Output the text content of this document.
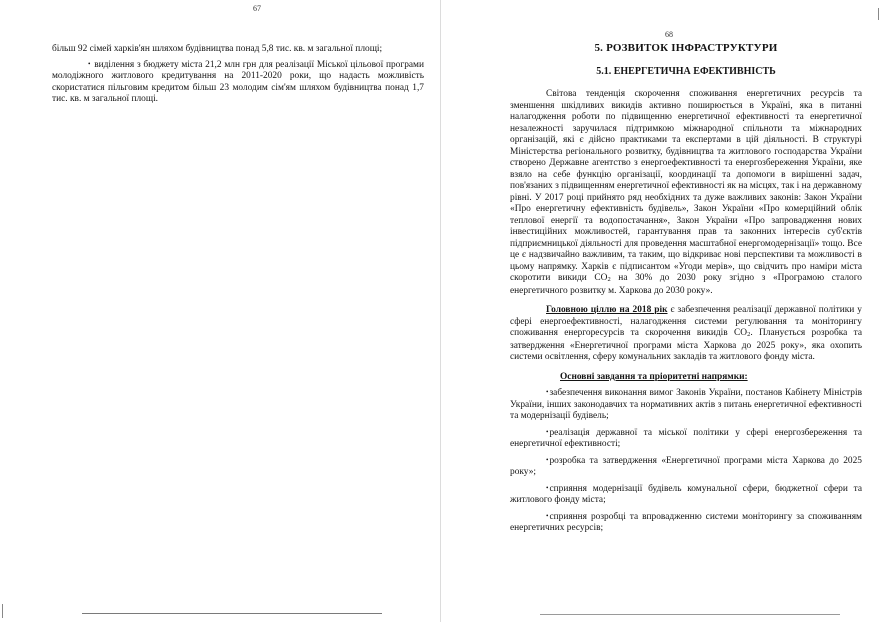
67

більш 92 сімей харків'ян шляхом будівництва понад 5,8 тис. кв. м загальної площі;

• виділення з бюджету міста 21,2 млн грн для реалізації Міської цільової програми молодіжного житлового кредитування на 2011-2020 роки, що надасть можливість скористатися пільговим кредитом більш 23 молодим сім'ям шляхом будівництва понад 1,7 тис. кв. м загальної площі.

68
5. РОЗВИТОК ІНФРАСТРУКТУРИ
5.1. ЕНЕРГЕТИЧНА ЕФЕКТИВНІСТЬ

Світова тенденція скорочення споживання енергетичних ресурсів та зменшення шкідливих викидів активно поширюється в Україні, яка в питанні налагодження роботи по підвищенню енергетичної ефективності та енергетичної незалежності заручилася підтримкою міжнародної спільноти та міжнародних організацій, які є дійсно практиками та експертами в цій діяльності. В структурі Міністерства регіонального розвитку, будівництва та житлового господарства України створено Державне агентство з енергоефективності та енергозбереження України, яке взяло на себе функцію організації, координації та допомоги в вирішенні задач, пов'язаних з підвищенням енергетичної ефективності як на місцях, так і на державному рівні. У 2017 році прийнято ряд необхідних та дуже важливих законів: Закон України «Про енергетичну ефективність будівель», Закон України «Про комерційний облік теплової енергії та водопостачання», Закон України «Про запровадження нових інвестиційних можливостей, гарантування прав та законних інтересів суб'єктів підприємницької діяльності для проведення масштабної енергомодернізації» тощо. Все це є надзвичайно важливим, та таким, що відкриває нові перспективи та можливості в цьому напрямку. Харків є підписантом «Угоди мерів», що свідчить про наміри міста скоротити викиди $СО_2$ на 30% до 2030 року згідно з «Програмою сталого енергетичного розвитку м. Харкова до 2030 року».

Головною ціллю на 2018 рік є забезпечення реалізації державної політики у сфері енергоефективності, налагодження системи регулювання та моніторингу споживання енергоресурсів та скорочення викидів $СО_2$. Планується розробка та затвердження «Енергетичної програми міста Харкова до 2025 року», яка охопить системи освітлення, сферу комунальних закладів та житлового фонду міста.

Основні завдання та пріоритетні напрямки:

•забезпечення виконання вимог Законів України, постанов Кабінету Міністрів України, інших законодавчих та нормативних актів з питань енергетичної ефективності та модернізації будівель;

•реалізація державної та міської політики у сфері енергозбереження та енергетичної ефективності;

•розробка та затвердження «Енергетичної програми міста Харкова до 2025 року»;

•сприяння модернізації будівель комунальної сфери, бюджетної сфери та житлового фонду міста;

•сприяння розробці та впровадженню системи моніторингу за споживанням енергетичних ресурсів;
